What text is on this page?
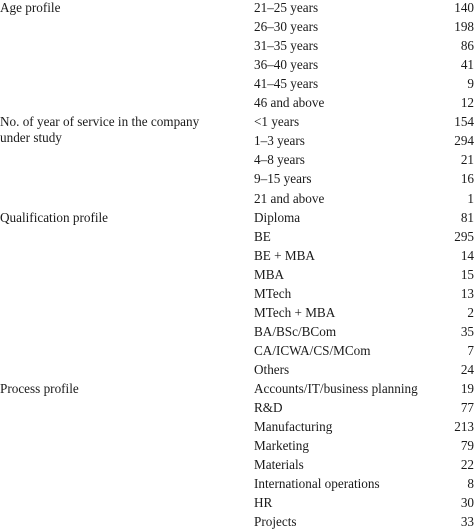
Age profile	21–25 years	140
26–30 years	198
31–35 years	86
36–40 years	41
41–45 years	9
46 and above	12
No. of year of service in the company under study
<1 years	154
1–3 years	294
4–8 years	21
9–15 years	16
21 and above	1
Qualification profile	Diploma	81
BE	295
BE + MBA	14
MBA	15
MTech	13
MTech + MBA	2
BA/BSc/BCom	35
CA/ICWA/CS/MCom	7
Others	24
Process profile	Accounts/IT/business planning	19
R&D	77
Manufacturing	213
Marketing	79
Materials	22
International operations	8
HR	30
Projects	33
